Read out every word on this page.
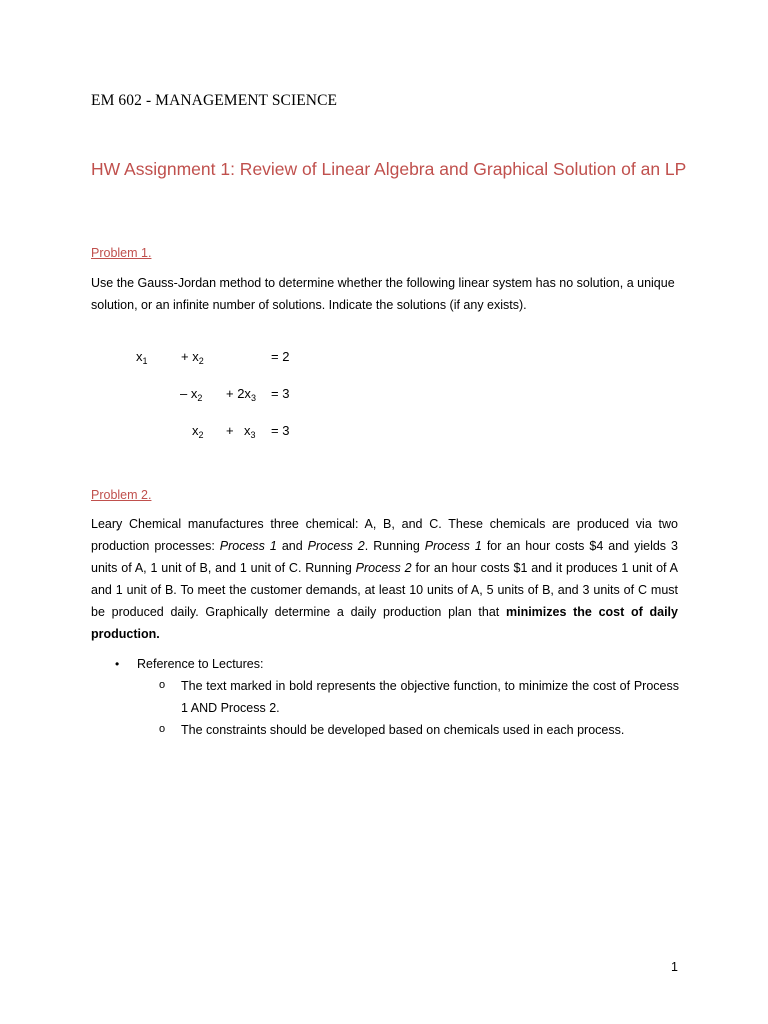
EM 602 - MANAGEMENT SCIENCE
HW Assignment 1: Review of Linear Algebra and Graphical Solution of an LP
Problem 1.
Use the Gauss-Jordan method to determine whether the following linear system has no solution, a unique solution, or an infinite number of solutions. Indicate the solutions (if any exists).
$x_1$	+ $x_2$	= 2
– $x_2 + 2x_3 = 3$
$x_2 + x_3 = 3$
Problem 2.
Leary Chemical manufactures three chemical: A, B, and C. These chemicals are produced via two production processes: Process 1 and Process 2. Running Process 1 for an hour costs $4 and yields 3 units of A, 1 unit of B, and 1 unit of C. Running Process 2 for an hour costs $1 and it produces 1 unit of A and 1 unit of B. To meet the customer demands, at least 10 units of A, 5 units of B, and 3 units of C must be produced daily. Graphically determine a daily production plan that minimizes the cost of daily production.
• Reference to Lectures:
o The text marked in bold represents the objective function, to minimize the cost of Process 1 AND Process 2.
o The constraints should be developed based on chemicals used in each process.
1
